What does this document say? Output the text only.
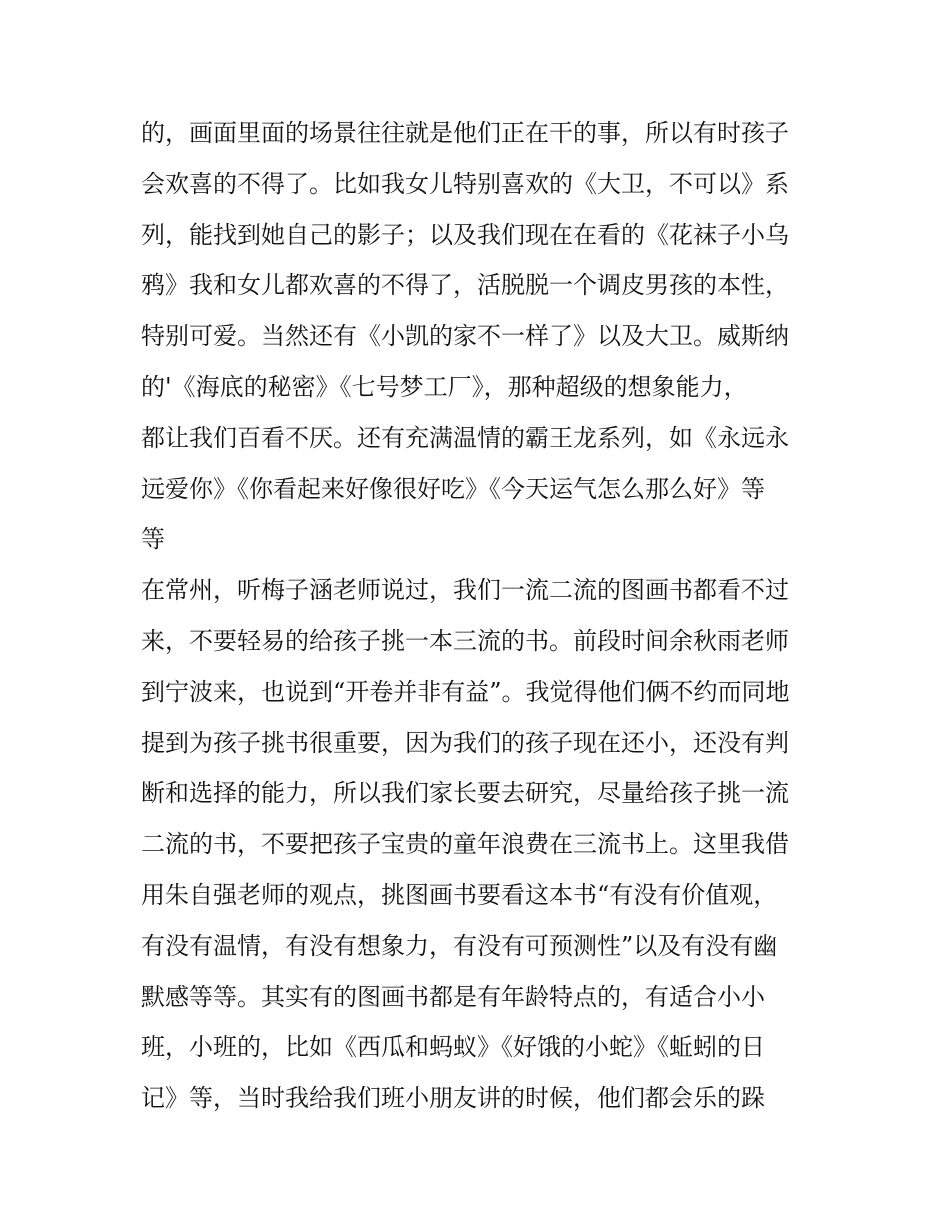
的，画面里面的场景往往就是他们正在干的事，所以有时孩子
会欢喜的不得了。比如我女儿特别喜欢的《大卫，不可以》系
列，能找到她自己的影子；以及我们现在在看的《花袜子小乌
鸦》我和女儿都欢喜的不得了，活脱脱一个调皮男孩的本性，
特别可爱。当然还有《小凯的家不一样了》以及大卫。威斯纳
的'《海底的秘密》《七号梦工厂》，那种超级的想象能力，
都让我们百看不厌。还有充满温情的霸王龙系列，如《永远永
远爱你》《你看起来好像很好吃》《今天运气怎么那么好》等
等
在常州，听梅子涵老师说过，我们一流二流的图画书都看不过
来，不要轻易的给孩子挑一本三流的书。前段时间余秋雨老师
到宁波来，也说到“开卷并非有益”。我觉得他们俩不约而同地
提到为孩子挑书很重要，因为我们的孩子现在还小，还没有判
断和选择的能力，所以我们家长要去研究，尽量给孩子挑一流
二流的书，不要把孩子宝贵的童年浪费在三流书上。这里我借
用朱自强老师的观点，挑图画书要看这本书“有没有价值观，
有没有温情，有没有想象力，有没有可预测性”以及有没有幽
默感等等。其实有的图画书都是有年龄特点的，有适合小小
班，小班的，比如《西瓜和蚂蚁》《好饿的小蛇》《蚯蚓的日
记》等，当时我给我们班小朋友讲的时候，他们都会乐的跺
